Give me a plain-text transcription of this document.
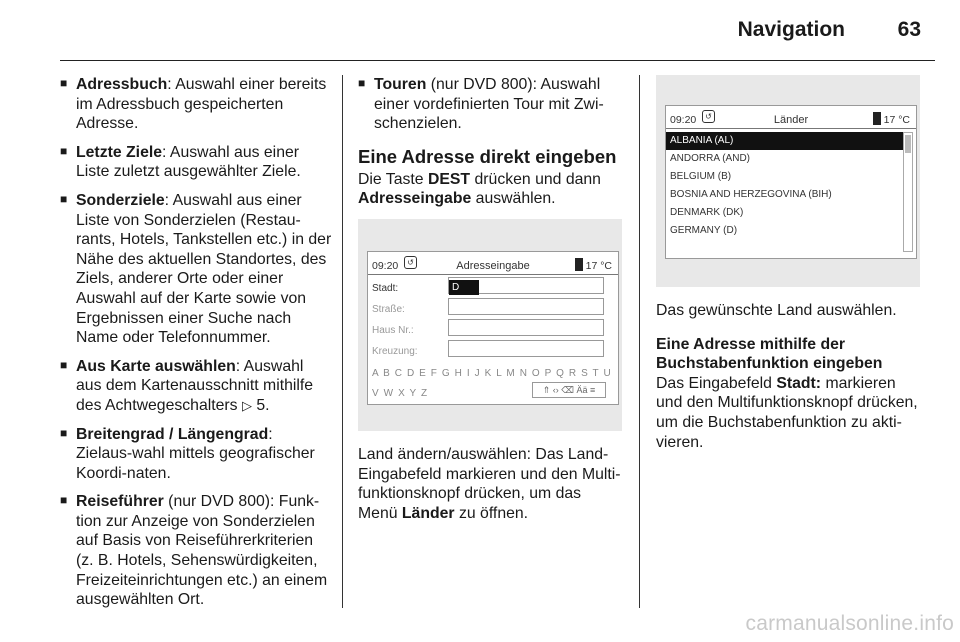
Navigation	63
■ Adressbuch: Auswahl einer bereits im Adressbuch gespeicherten Adresse.
■ Letzte Ziele: Auswahl aus einer Liste zuletzt ausgewählter Ziele.
■ Sonderziele: Auswahl aus einer Liste von Sonderzielen (Restau-rants, Hotels, Tankstellen etc.) in der Nähe des aktuellen Standortes, des Ziels, anderer Orte oder einer Auswahl auf der Karte sowie von Ergebnissen einer Suche nach Name oder Telefonnummer.
■ Aus Karte auswählen: Auswahl aus dem Kartenausschnitt mithilfe des Achtwegeschalters ▷ 5.
■ Breitengrad / Längengrad: Zielaus-wahl mittels geografischer Koordi-naten.
■ Reiseführer (nur DVD 800): Funk-tion zur Anzeige von Sonderzielen auf Basis von Reiseführerkriterien (z. B. Hotels, Sehenswürdigkeiten, Freizeiteinrichtungen etc.) an einem ausgewählten Ort.
■ Touren (nur DVD 800): Auswahl einer vordefinierten Tour mit Zwi-schenzielen.
Eine Adresse direkt eingeben

Die Taste DEST drücken und dann Adresseingabe auswählen.

09:20	↺	Adresseingabe	17 °C
Stadt:	D
Straße:
Haus Nr.:
Kreuzung:
A B C D E F G H I J K L M N O P Q R S T U V W X Y Z	⇑ ‹› ⌫ Ää ≡

Land ändern/auswählen: Das Land-Eingabefeld markieren und den Multi-funktionsknopf drücken, um das Menü Länder zu öffnen.

09:20	↺	Länder	17 °C
ALBANIA (AL)
ANDORRA (AND)
BELGIUM (B)
BOSNIA AND HERZEGOVINA (BIH)
DENMARK (DK)
GERMANY (D)

Das gewünschte Land auswählen.

Eine Adresse mithilfe der Buchstabenfunktion eingeben

Das Eingabefeld Stadt: markieren und den Multifunktionsknopf drücken, um die Buchstabenfunktion zu akti-vieren.

carmanualsonline.info
